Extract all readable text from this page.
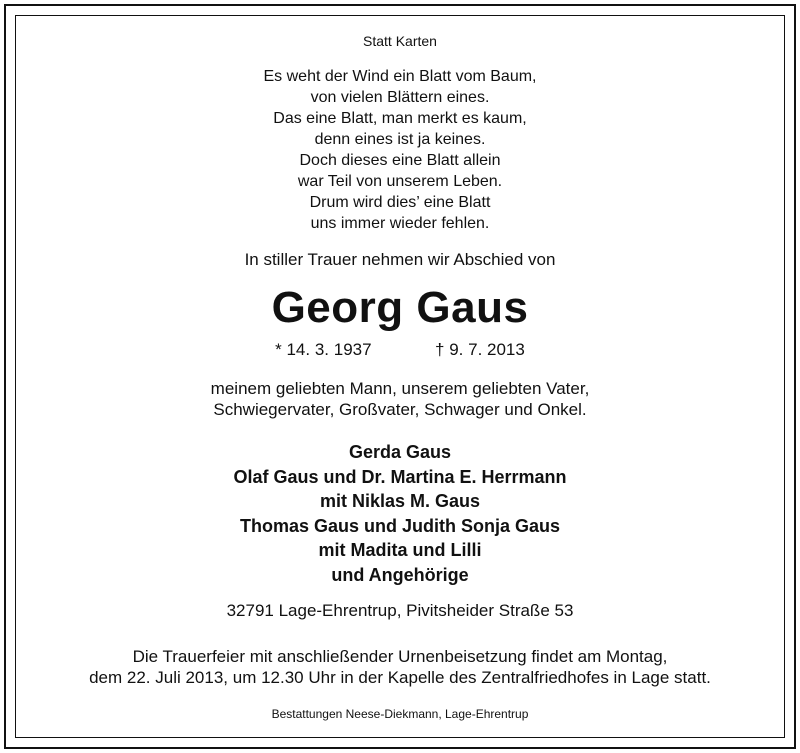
Statt Karten
Es weht der Wind ein Blatt vom Baum,
von vielen Blättern eines.
Das eine Blatt, man merkt es kaum,
denn eines ist ja keines.
Doch dieses eine Blatt allein
war Teil von unserem Leben.
Drum wird dies’ eine Blatt
uns immer wieder fehlen.
In stiller Trauer nehmen wir Abschied von
Georg Gaus
* 14. 3. 1937	† 9. 7. 2013
meinem geliebten Mann, unserem geliebten Vater,
Schwiegervater, Großvater, Schwager und Onkel.
Gerda Gaus
Olaf Gaus und Dr. Martina E. Herrmann
mit Niklas M. Gaus
Thomas Gaus und Judith Sonja Gaus
mit Madita und Lilli
und Angehörige
32791 Lage-Ehrentrup, Pivitsheider Straße 53
Die Trauerfeier mit anschließender Urnenbeisetzung findet am Montag,
dem 22. Juli 2013, um 12.30 Uhr in der Kapelle des Zentralfriedhofes in Lage statt.
Bestattungen Neese-Diekmann, Lage-Ehrentrup
